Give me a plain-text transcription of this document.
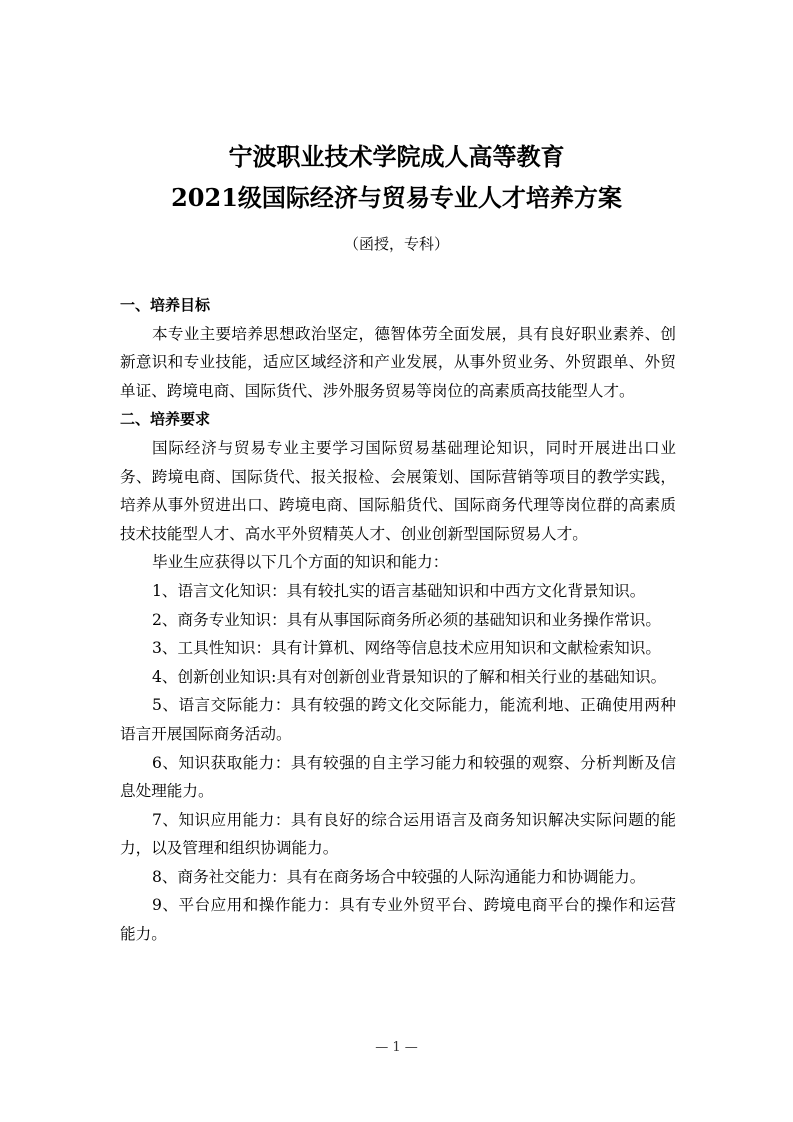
宁波职业技术学院成人高等教育
2021级国际经济与贸易专业人才培养方案
（函授，专科）

一、培养目标

本专业主要培养思想政治坚定，德智体劳全面发展，具有良好职业素养、创新意识和专业技能，适应区域经济和产业发展，从事外贸业务、外贸跟单、外贸单证、跨境电商、国际货代、涉外服务贸易等岗位的高素质高技能型人才。

二、培养要求

国际经济与贸易专业主要学习国际贸易基础理论知识，同时开展进出口业务、跨境电商、国际货代、报关报检、会展策划、国际营销等项目的教学实践，培养从事外贸进出口、跨境电商、国际船货代、国际商务代理等岗位群的高素质技术技能型人才、高水平外贸精英人才、创业创新型国际贸易人才。

毕业生应获得以下几个方面的知识和能力：

1、语言文化知识：具有较扎实的语言基础知识和中西方文化背景知识。

2、商务专业知识：具有从事国际商务所必须的基础知识和业务操作常识。

3、工具性知识：具有计算机、网络等信息技术应用知识和文献检索知识。

4、创新创业知识:具有对创新创业背景知识的了解和相关行业的基础知识。

5、语言交际能力：具有较强的跨文化交际能力，能流利地、正确使用两种语言开展国际商务活动。

6、知识获取能力：具有较强的自主学习能力和较强的观察、分析判断及信息处理能力。

7、知识应用能力：具有良好的综合运用语言及商务知识解决实际问题的能力，以及管理和组织协调能力。

8、商务社交能力：具有在商务场合中较强的人际沟通能力和协调能力。

9、平台应用和操作能力：具有专业外贸平台、跨境电商平台的操作和运营能力。

— 1 —
